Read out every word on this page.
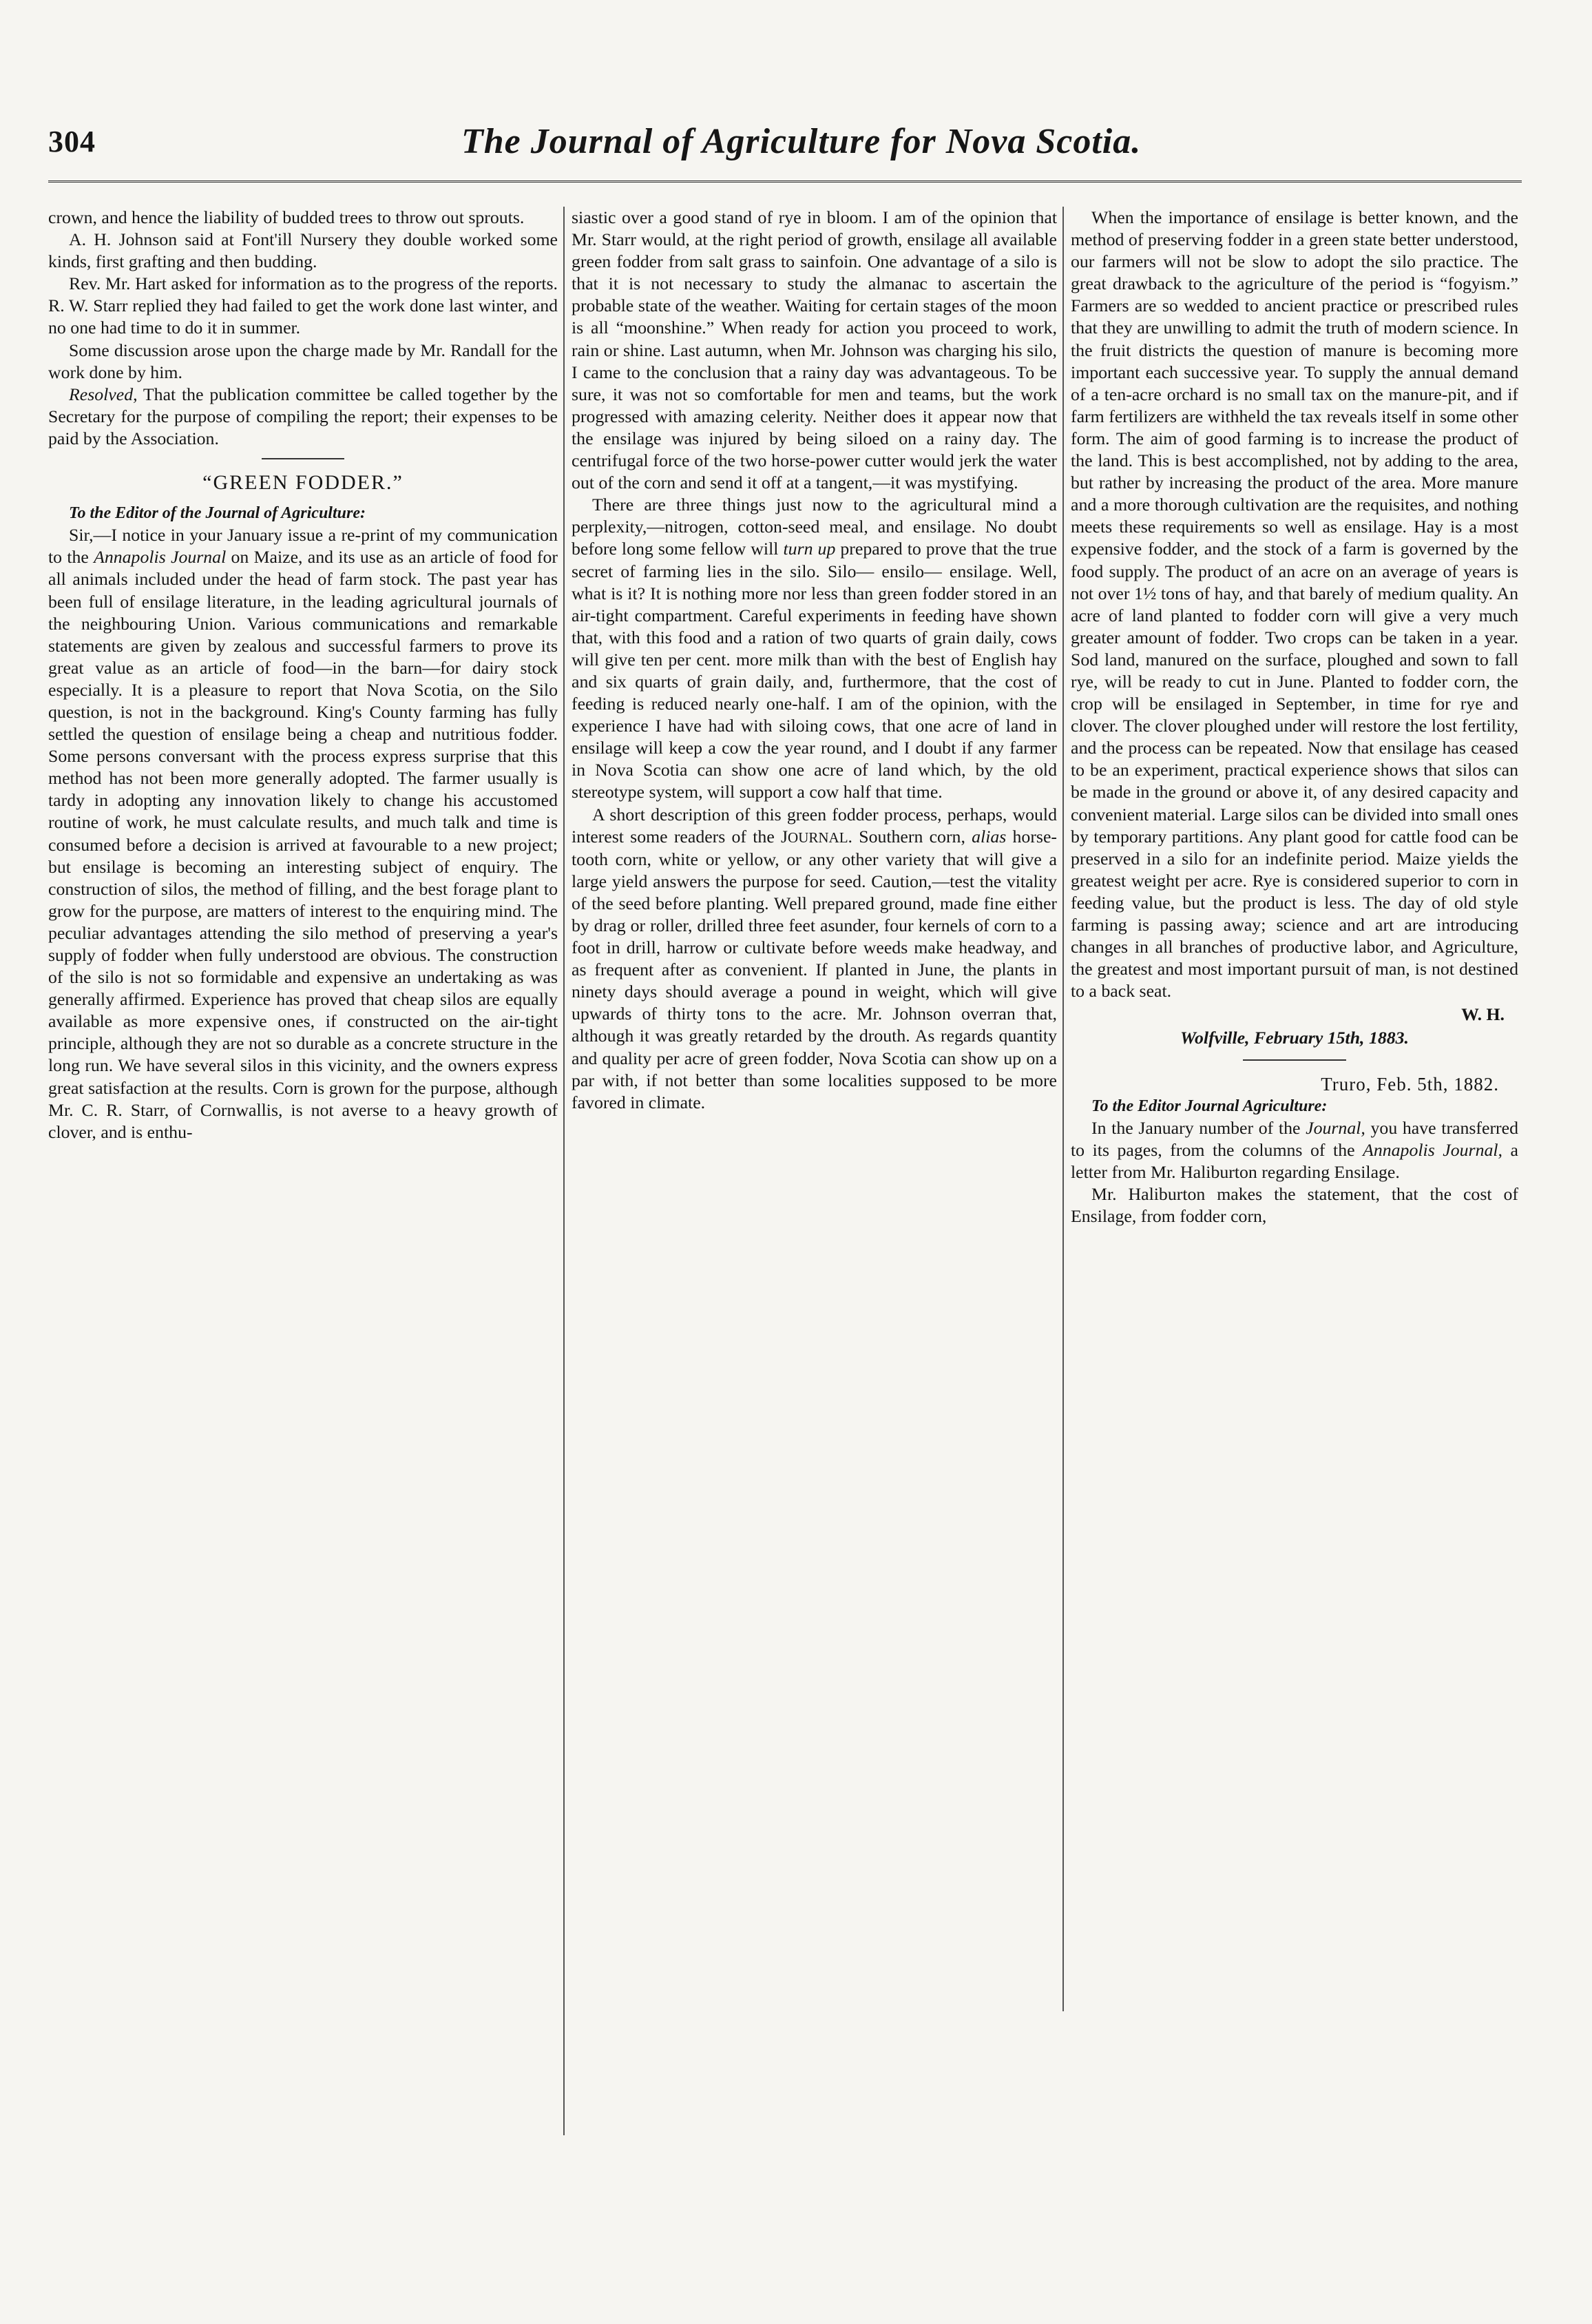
304	The Journal of Agriculture for Nova Scotia.

crown, and hence the liability of budded trees to throw out sprouts.

A. H. Johnson said at Font'ill Nursery they double worked some kinds, first grafting and then budding.

Rev. Mr. Hart asked for information as to the progress of the reports. R. W. Starr replied they had failed to get the work done last winter, and no one had time to do it in summer.

Some discussion arose upon the charge made by Mr. Randall for the work done by him.

Resolved, That the publication committee be called together by the Secretary for the purpose of compiling the report; their expenses to be paid by the Association.

“GREEN FODDER.”

To the Editor of the Journal of Agriculture:

Sir,—I notice in your January issue a re-print of my communication to the Annapolis Journal on Maize, and its use as an article of food for all animals included under the head of farm stock. The past year has been full of ensilage literature, in the leading agricultural journals of the neighbouring Union. Various communications and remarkable statements are given by zealous and successful farmers to prove its great value as an article of food—in the barn—for dairy stock especially. It is a pleasure to report that Nova Scotia, on the Silo question, is not in the background. King's County farming has fully settled the question of ensilage being a cheap and nutritious fodder. Some persons conversant with the process express surprise that this method has not been more generally adopted. The farmer usually is tardy in adopting any innovation likely to change his accustomed routine of work, he must calculate results, and much talk and time is consumed before a decision is arrived at favourable to a new project; but ensilage is becoming an interesting subject of enquiry. The construction of silos, the method of filling, and the best forage plant to grow for the purpose, are matters of interest to the enquiring mind. The peculiar advantages attending the silo method of preserving a year's supply of fodder when fully understood are obvious. The construction of the silo is not so formidable and expensive an undertaking as was generally affirmed. Experience has proved that cheap silos are equally available as more expensive ones, if constructed on the air-tight principle, although they are not so durable as a concrete structure in the long run. We have several silos in this vicinity, and the owners express great satisfaction at the results. Corn is grown for the purpose, although Mr. C. R. Starr, of Cornwallis, is not averse to a heavy growth of clover, and is enthu-

siastic over a good stand of rye in bloom. I am of the opinion that Mr. Starr would, at the right period of growth, ensilage all available green fodder from salt grass to sainfoin. One advantage of a silo is that it is not necessary to study the almanac to ascertain the probable state of the weather. Waiting for certain stages of the moon is all “moonshine.” When ready for action you proceed to work, rain or shine. Last autumn, when Mr. Johnson was charging his silo, I came to the conclusion that a rainy day was advantageous. To be sure, it was not so comfortable for men and teams, but the work progressed with amazing celerity. Neither does it appear now that the ensilage was injured by being siloed on a rainy day. The centrifugal force of the two horse-power cutter would jerk the water out of the corn and send it off at a tangent,—it was mystifying.

There are three things just now to the agricultural mind a perplexity,—nitrogen, cotton-seed meal, and ensilage. No doubt before long some fellow will turn up prepared to prove that the true secret of farming lies in the silo. Silo— ensilo— ensilage. Well, what is it? It is nothing more nor less than green fodder stored in an air-tight compartment. Careful experiments in feeding have shown that, with this food and a ration of two quarts of grain daily, cows will give ten per cent. more milk than with the best of English hay and six quarts of grain daily, and, furthermore, that the cost of feeding is reduced nearly one-half. I am of the opinion, with the experience I have had with siloing cows, that one acre of land in ensilage will keep a cow the year round, and I doubt if any farmer in Nova Scotia can show one acre of land which, by the old stereotype system, will support a cow half that time.

A short description of this green fodder process, perhaps, would interest some readers of the JOURNAL. Southern corn, alias horse-tooth corn, white or yellow, or any other variety that will give a large yield answers the purpose for seed. Caution,—test the vitality of the seed before planting. Well prepared ground, made fine either by drag or roller, drilled three feet asunder, four kernels of corn to a foot in drill, harrow or cultivate before weeds make headway, and as frequent after as convenient. If planted in June, the plants in ninety days should average a pound in weight, which will give upwards of thirty tons to the acre. Mr. Johnson overran that, although it was greatly retarded by the drouth. As regards quantity and quality per acre of green fodder, Nova Scotia can show up on a par with, if not better than some localities supposed to be more favored in climate.

When the importance of ensilage is better known, and the method of preserving fodder in a green state better understood, our farmers will not be slow to adopt the silo practice. The great drawback to the agriculture of the period is “fogyism.” Farmers are so wedded to ancient practice or prescribed rules that they are unwilling to admit the truth of modern science. In the fruit districts the question of manure is becoming more important each successive year. To supply the annual demand of a ten-acre orchard is no small tax on the manure-pit, and if farm fertilizers are withheld the tax reveals itself in some other form. The aim of good farming is to increase the product of the land. This is best accomplished, not by adding to the area, but rather by increasing the product of the area. More manure and a more thorough cultivation are the requisites, and nothing meets these requirements so well as ensilage. Hay is a most expensive fodder, and the stock of a farm is governed by the food supply. The product of an acre on an average of years is not over 1½ tons of hay, and that barely of medium quality. An acre of land planted to fodder corn will give a very much greater amount of fodder. Two crops can be taken in a year. Sod land, manured on the surface, ploughed and sown to fall rye, will be ready to cut in June. Planted to fodder corn, the crop will be ensilaged in September, in time for rye and clover. The clover ploughed under will restore the lost fertility, and the process can be repeated. Now that ensilage has ceased to be an experiment, practical experience shows that silos can be made in the ground or above it, of any desired capacity and convenient material. Large silos can be divided into small ones by temporary partitions. Any plant good for cattle food can be preserved in a silo for an indefinite period. Maize yields the greatest weight per acre. Rye is considered superior to corn in feeding value, but the product is less. The day of old style farming is passing away; science and art are introducing changes in all branches of productive labor, and Agriculture, the greatest and most important pursuit of man, is not destined to a back seat.

W. H.
Wolfville, February 15th, 1883.
Truro, Feb. 5th, 1882.

To the Editor Journal Agriculture:

In the January number of the Journal, you have transferred to its pages, from the columns of the Annapolis Journal, a letter from Mr. Haliburton regarding Ensilage.

Mr. Haliburton makes the statement, that the cost of Ensilage, from fodder corn,
